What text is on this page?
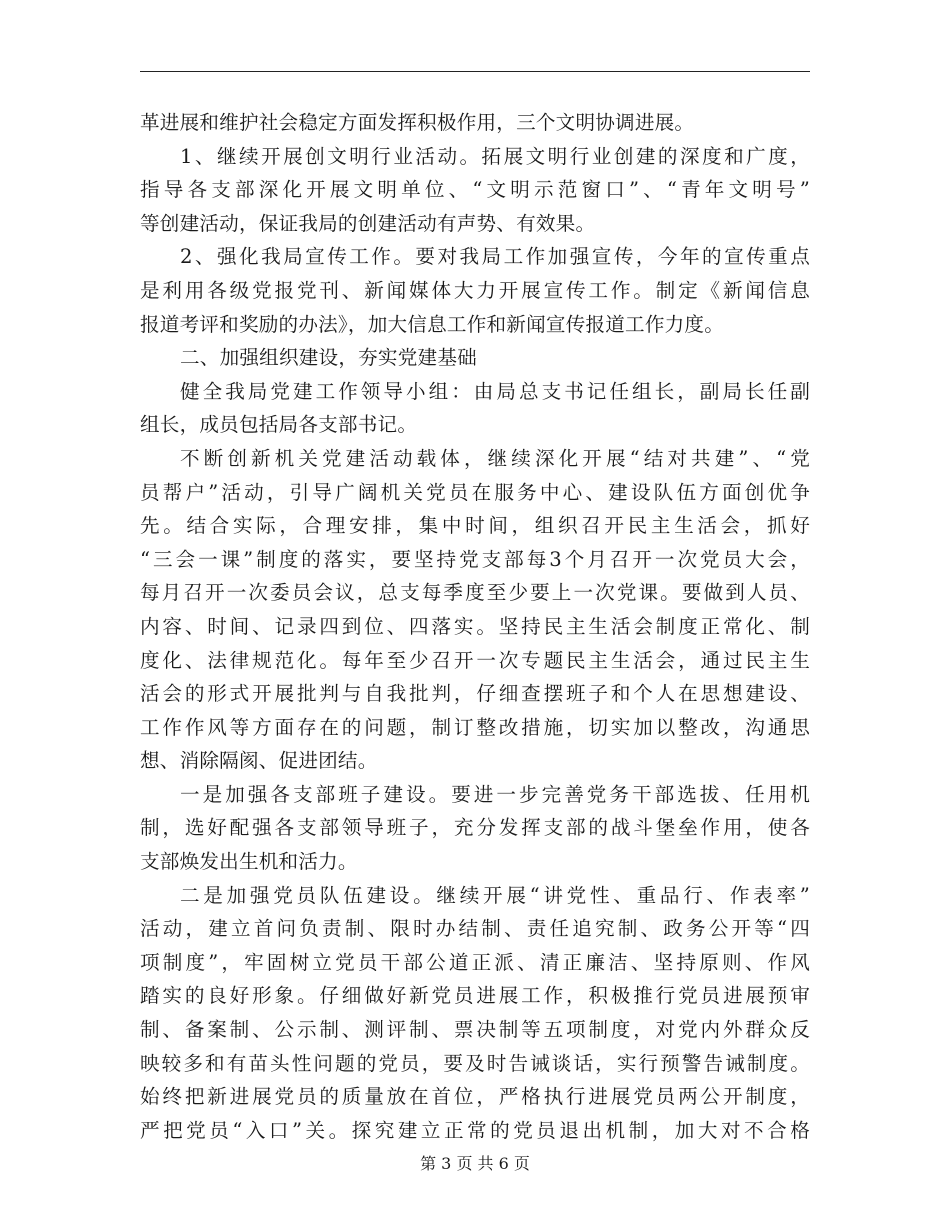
革进展和维护社会稳定方面发挥积极作用，三个文明协调进展。
1、继续开展创文明行业活动。拓展文明行业创建的深度和广度，
指导各支部深化开展文明单位、“文明示范窗口”、“青年文明号”
等创建活动，保证我局的创建活动有声势、有效果。
2、强化我局宣传工作。要对我局工作加强宣传，今年的宣传重点
是利用各级党报党刊、新闻媒体大力开展宣传工作。制定《新闻信息
报道考评和奖励的办法》，加大信息工作和新闻宣传报道工作力度。
二、加强组织建设，夯实党建基础
健全我局党建工作领导小组：由局总支书记任组长，副局长任副
组长，成员包括局各支部书记。
不断创新机关党建活动载体，继续深化开展“结对共建”、“党
员帮户”活动，引导广阔机关党员在服务中心、建设队伍方面创优争
先。结合实际，合理安排，集中时间，组织召开民主生活会，抓好
“三会一课”制度的落实，要坚持党支部每3个月召开一次党员大会，
每月召开一次委员会议，总支每季度至少要上一次党课。要做到人员、
内容、时间、记录四到位、四落实。坚持民主生活会制度正常化、制
度化、法律规范化。每年至少召开一次专题民主生活会，通过民主生
活会的形式开展批判与自我批判，仔细查摆班子和个人在思想建设、
工作作风等方面存在的问题，制订整改措施，切实加以整改，沟通思
想、消除隔阂、促进团结。
一是加强各支部班子建设。要进一步完善党务干部选拔、任用机
制，选好配强各支部领导班子，充分发挥支部的战斗堡垒作用，使各
支部焕发出生机和活力。
二是加强党员队伍建设。继续开展“讲党性、重品行、作表率”
活动，建立首问负责制、限时办结制、责任追究制、政务公开等“四
项制度”，牢固树立党员干部公道正派、清正廉洁、坚持原则、作风
踏实的良好形象。仔细做好新党员进展工作，积极推行党员进展预审
制、备案制、公示制、测评制、票决制等五项制度，对党内外群众反
映较多和有苗头性问题的党员，要及时告诫谈话，实行预警告诫制度。
始终把新进展党员的质量放在首位，严格执行进展党员两公开制度，
严把党员“入口”关。探究建立正常的党员退出机制，加大对不合格
第 3 页 共 6 页
